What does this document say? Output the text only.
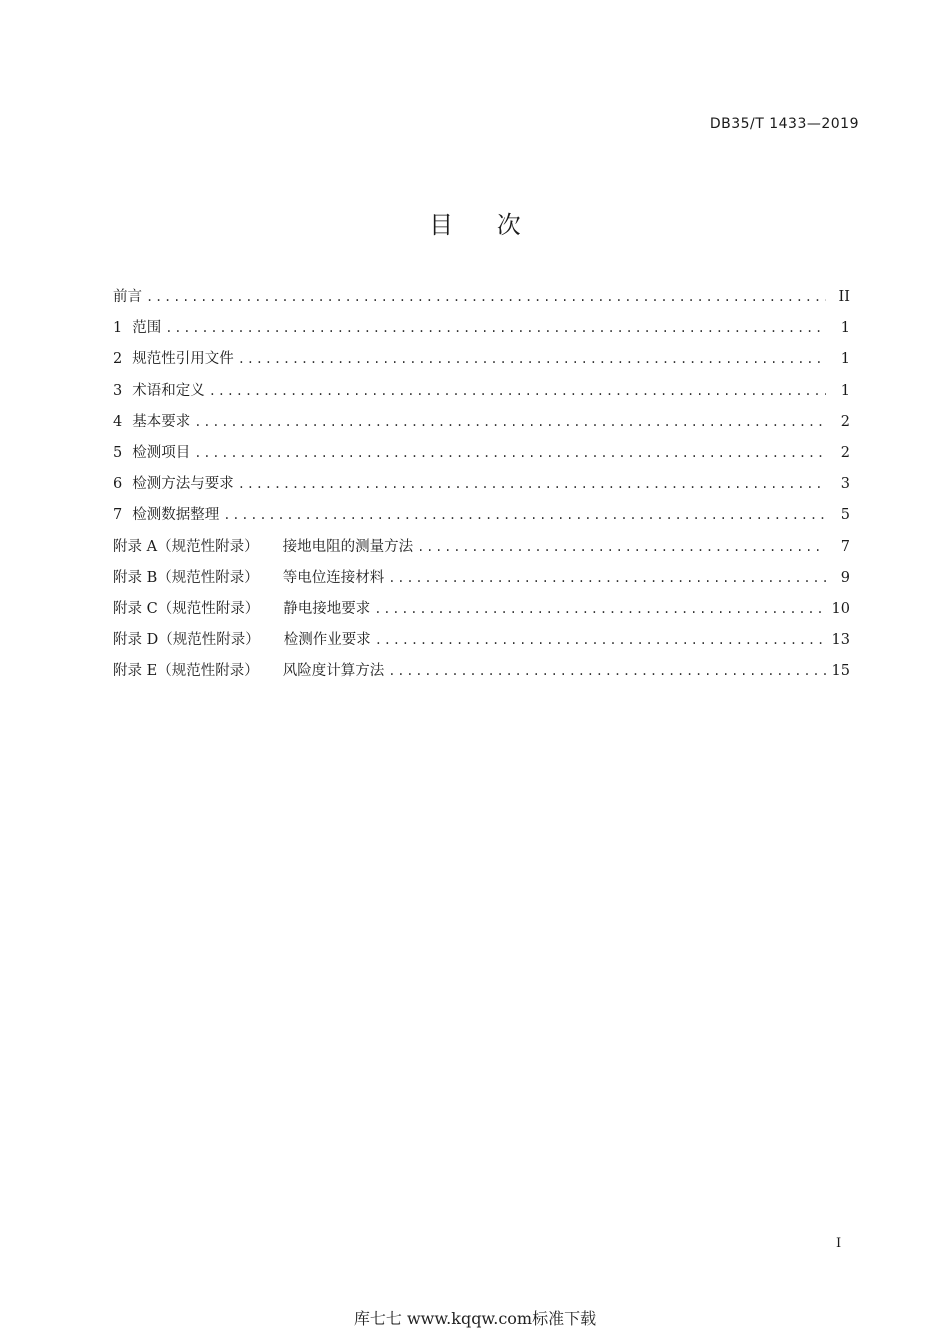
DB35/T 1433—2019
目 次
前言 .....	II
1 范围 .....	1
2 规范性引用文件 .....	1
3 术语和定义 .....	1
4 基本要求 .....	2
5 检测项目 .....	2
6 检测方法与要求 .....	3
7 检测数据整理 .....	5
附录 A（规范性附录） 接地电阻的测量方法 .....	7
附录 B（规范性附录） 等电位连接材料 .....	9
附录 C（规范性附录） 静电接地要求 .....	10
附录 D（规范性附录） 检测作业要求 .....	13
附录 E（规范性附录） 风险度计算方法 .....	15
I
库七七 www.kqqw.com标准下载
